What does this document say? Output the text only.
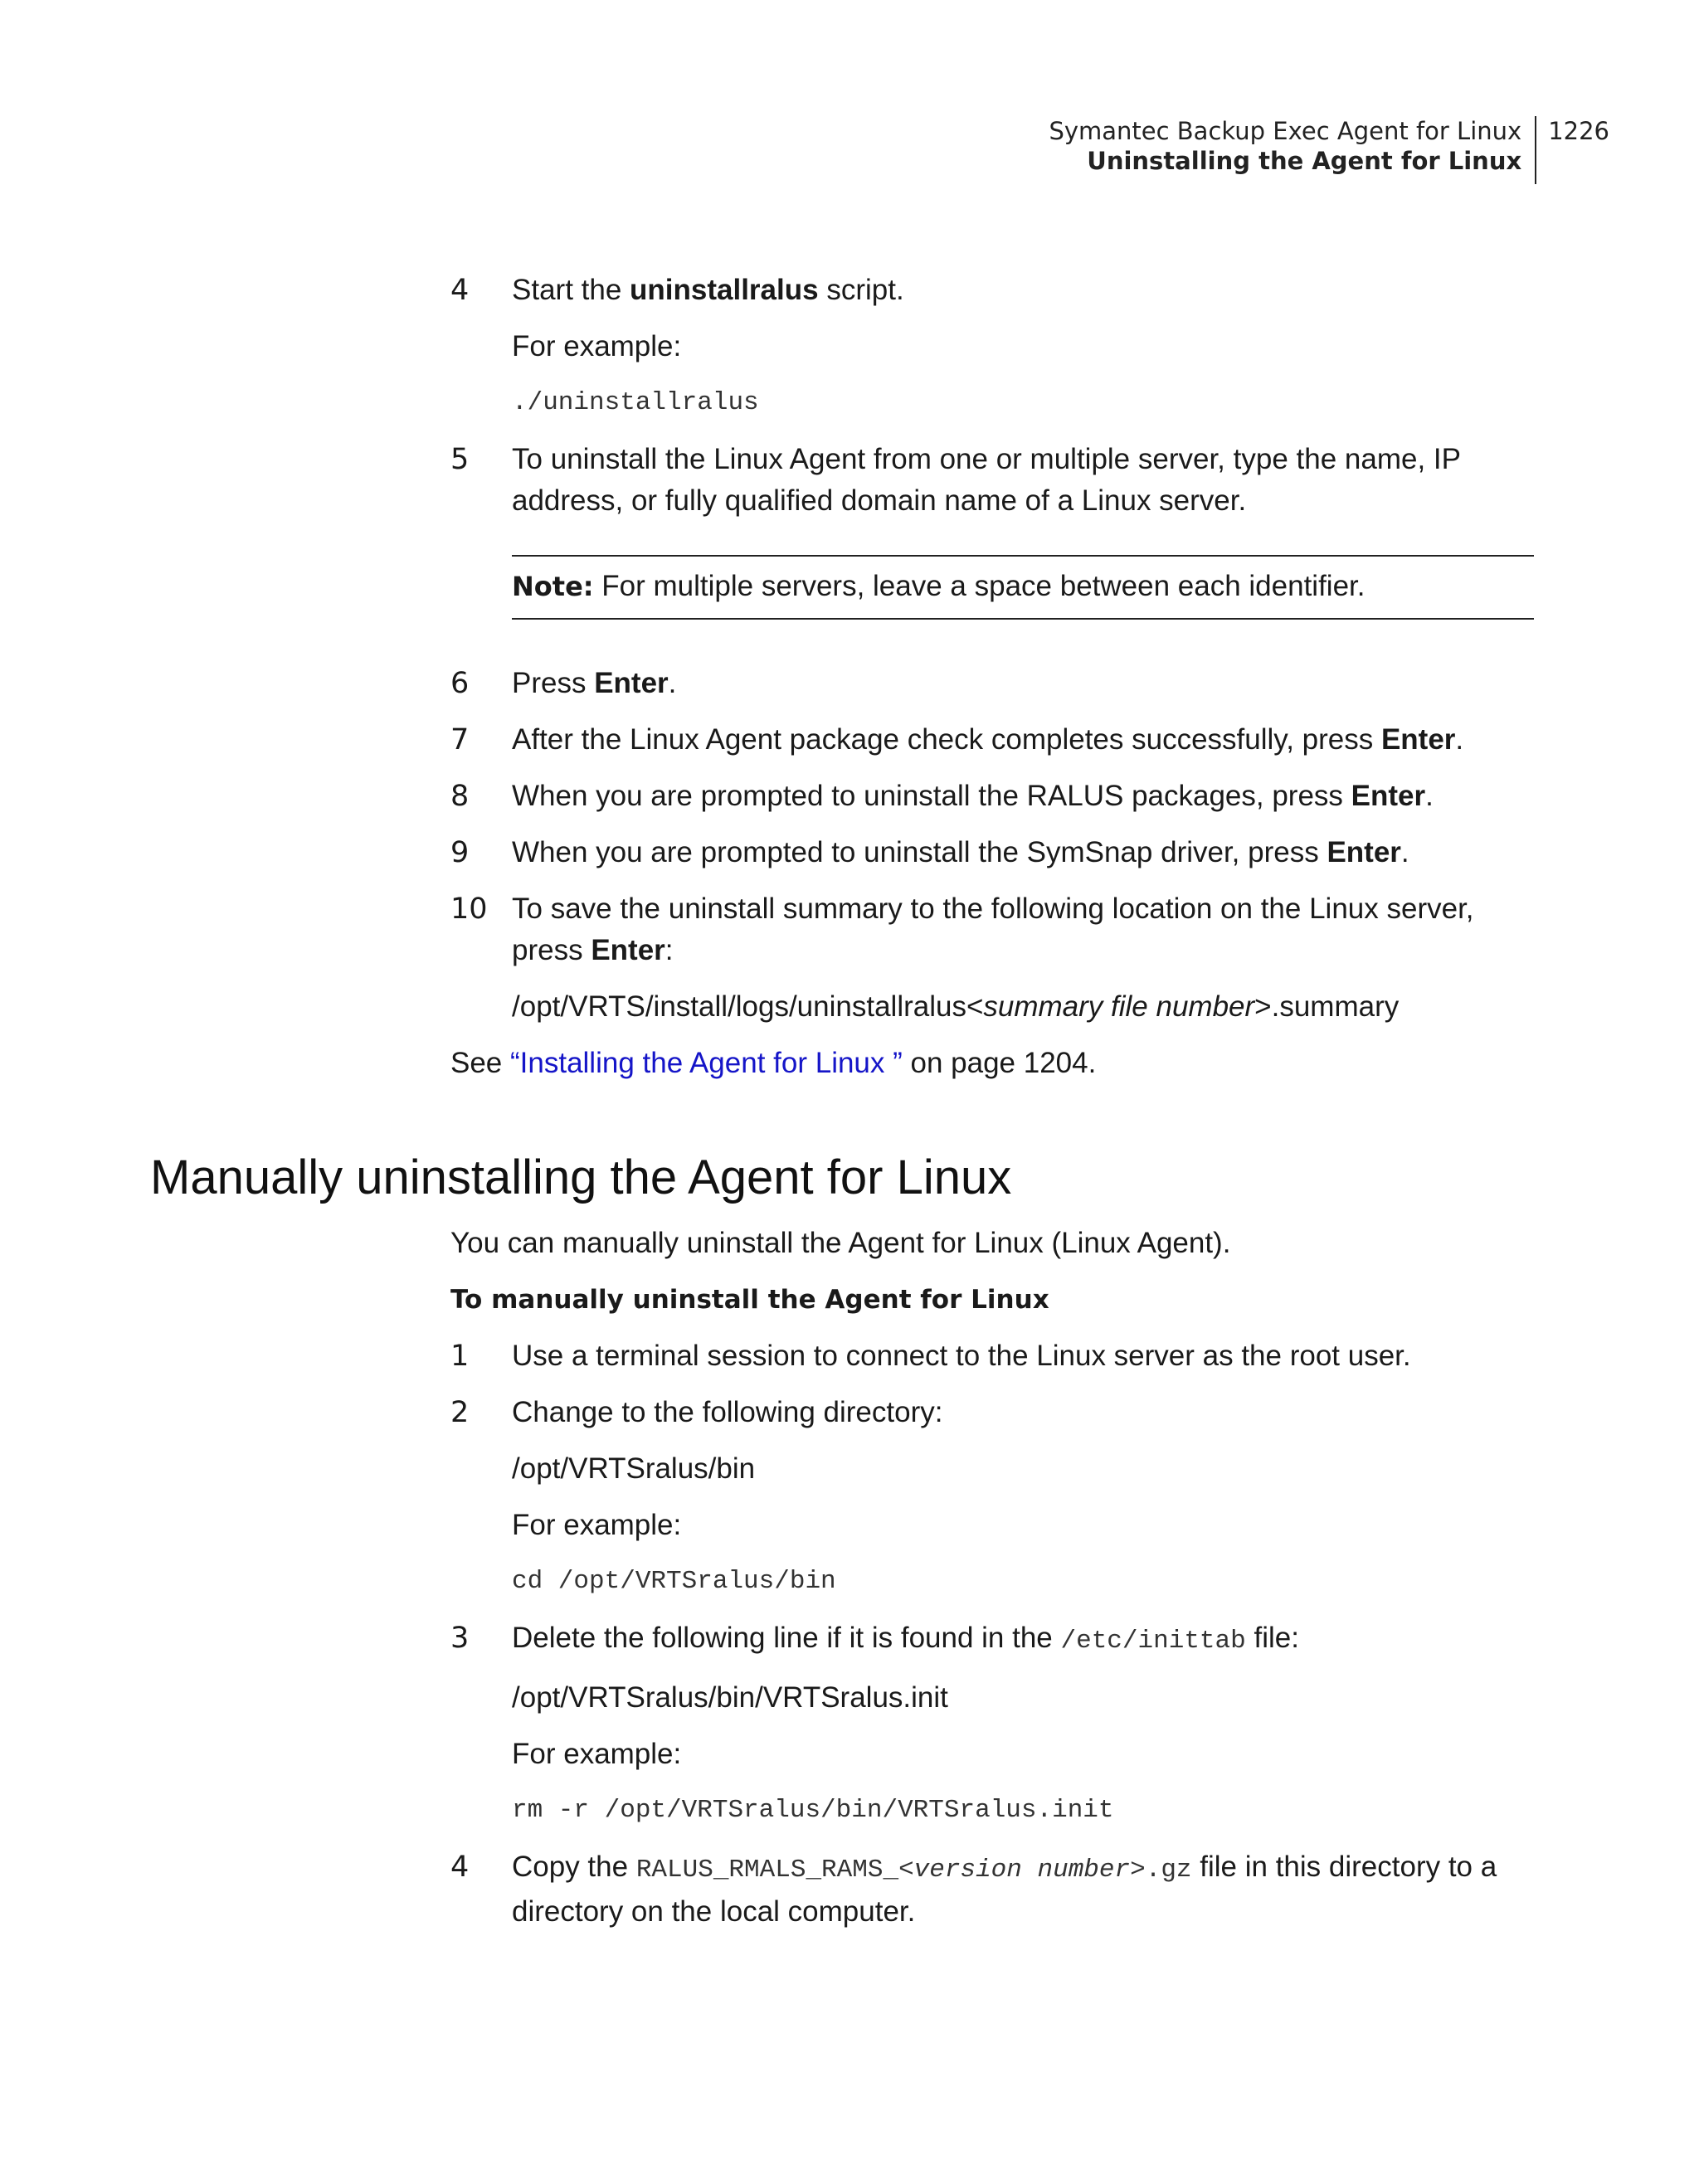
Symantec Backup Exec Agent for Linux
Uninstalling the Agent for Linux
1226
4	Start the uninstallralus script.
For example:
./uninstallralus
5	To uninstall the Linux Agent from one or multiple server, type the name, IP address, or fully qualified domain name of a Linux server.
Note: For multiple servers, leave a space between each identifier.
6	Press Enter.
7	After the Linux Agent package check completes successfully, press Enter.
8	When you are prompted to uninstall the RALUS packages, press Enter.
9	When you are prompted to uninstall the SymSnap driver, press Enter.
10 To save the uninstall summary to the following location on the Linux server, press Enter:
/opt/VRTS/install/logs/uninstallralus<summary file number>.summary
See “Installing the Agent for Linux ” on page 1204.
Manually uninstalling the Agent for Linux
You can manually uninstall the Agent for Linux (Linux Agent).
To manually uninstall the Agent for Linux
1	Use a terminal session to connect to the Linux server as the root user.
2	Change to the following directory:
/opt/VRTSralus/bin
For example:
cd /opt/VRTSralus/bin
3	Delete the following line if it is found in the /etc/inittab file:
/opt/VRTSralus/bin/VRTSralus.init
For example:
rm -r /opt/VRTSralus/bin/VRTSralus.init
4	Copy the RALUS_RMALS_RAMS_<version number>.gz file in this directory to a directory on the local computer.
